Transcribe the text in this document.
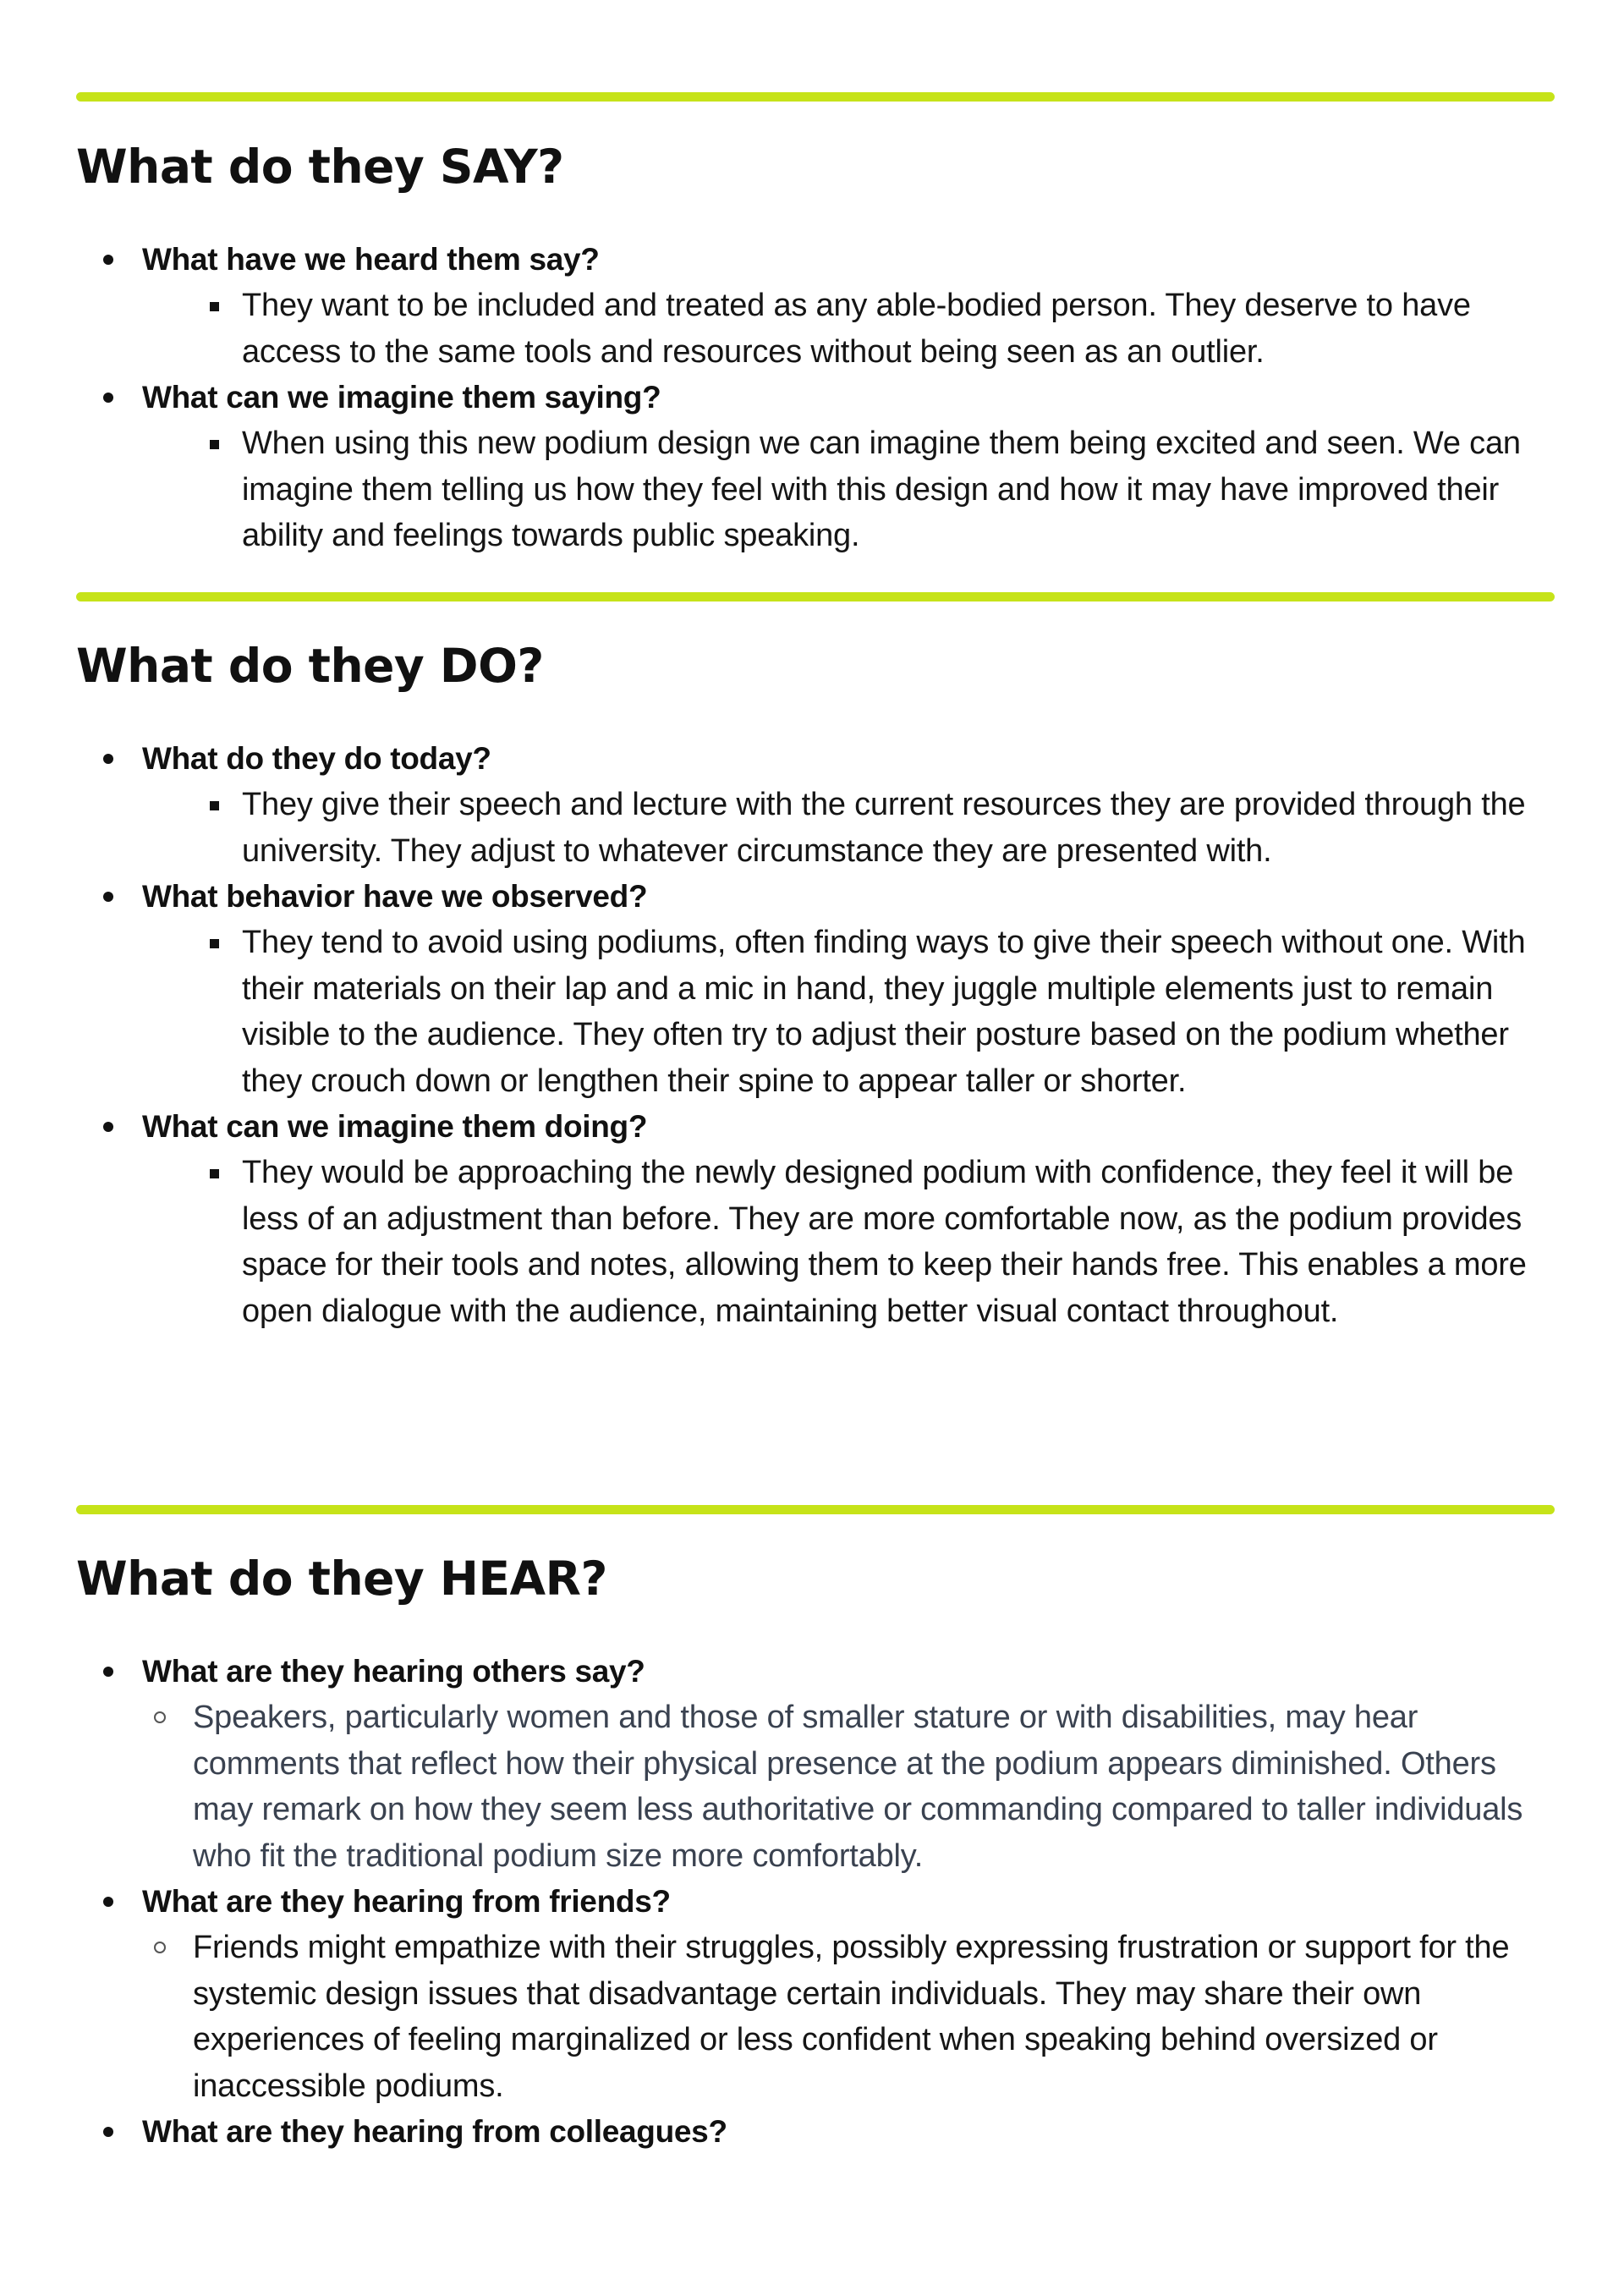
What do they SAY?
What have we heard them say?
They want to be included and treated as any able-bodied person. They deserve to have access to the same tools and resources without being seen as an outlier.
What can we imagine them saying?
When using this new podium design we can imagine them being excited and seen. We can imagine them telling us how they feel with this design and how it may have improved their ability and feelings towards public speaking.
What do they DO?
What do they do today?
They give their speech and lecture with the current resources they are provided through the university. They adjust to whatever circumstance they are presented with.
What behavior have we observed?
They tend to avoid using podiums, often finding ways to give their speech without one. With their materials on their lap and a mic in hand, they juggle multiple elements just to remain visible to the audience. They often try to adjust their posture based on the podium whether they crouch down or lengthen their spine to appear taller or shorter.
What can we imagine them doing?
They would be approaching the newly designed podium with confidence, they feel it will be less of an adjustment than before. They are more comfortable now, as the podium provides space for their tools and notes, allowing them to keep their hands free. This enables a more open dialogue with the audience, maintaining better visual contact throughout.
What do they HEAR?
What are they hearing others say?
Speakers, particularly women and those of smaller stature or with disabilities, may hear comments that reflect how their physical presence at the podium appears diminished. Others may remark on how they seem less authoritative or commanding compared to taller individuals who fit the traditional podium size more comfortably.
What are they hearing from friends?
Friends might empathize with their struggles, possibly expressing frustration or support for the systemic design issues that disadvantage certain individuals. They may share their own experiences of feeling marginalized or less confident when speaking behind oversized or inaccessible podiums.
What are they hearing from colleagues?
